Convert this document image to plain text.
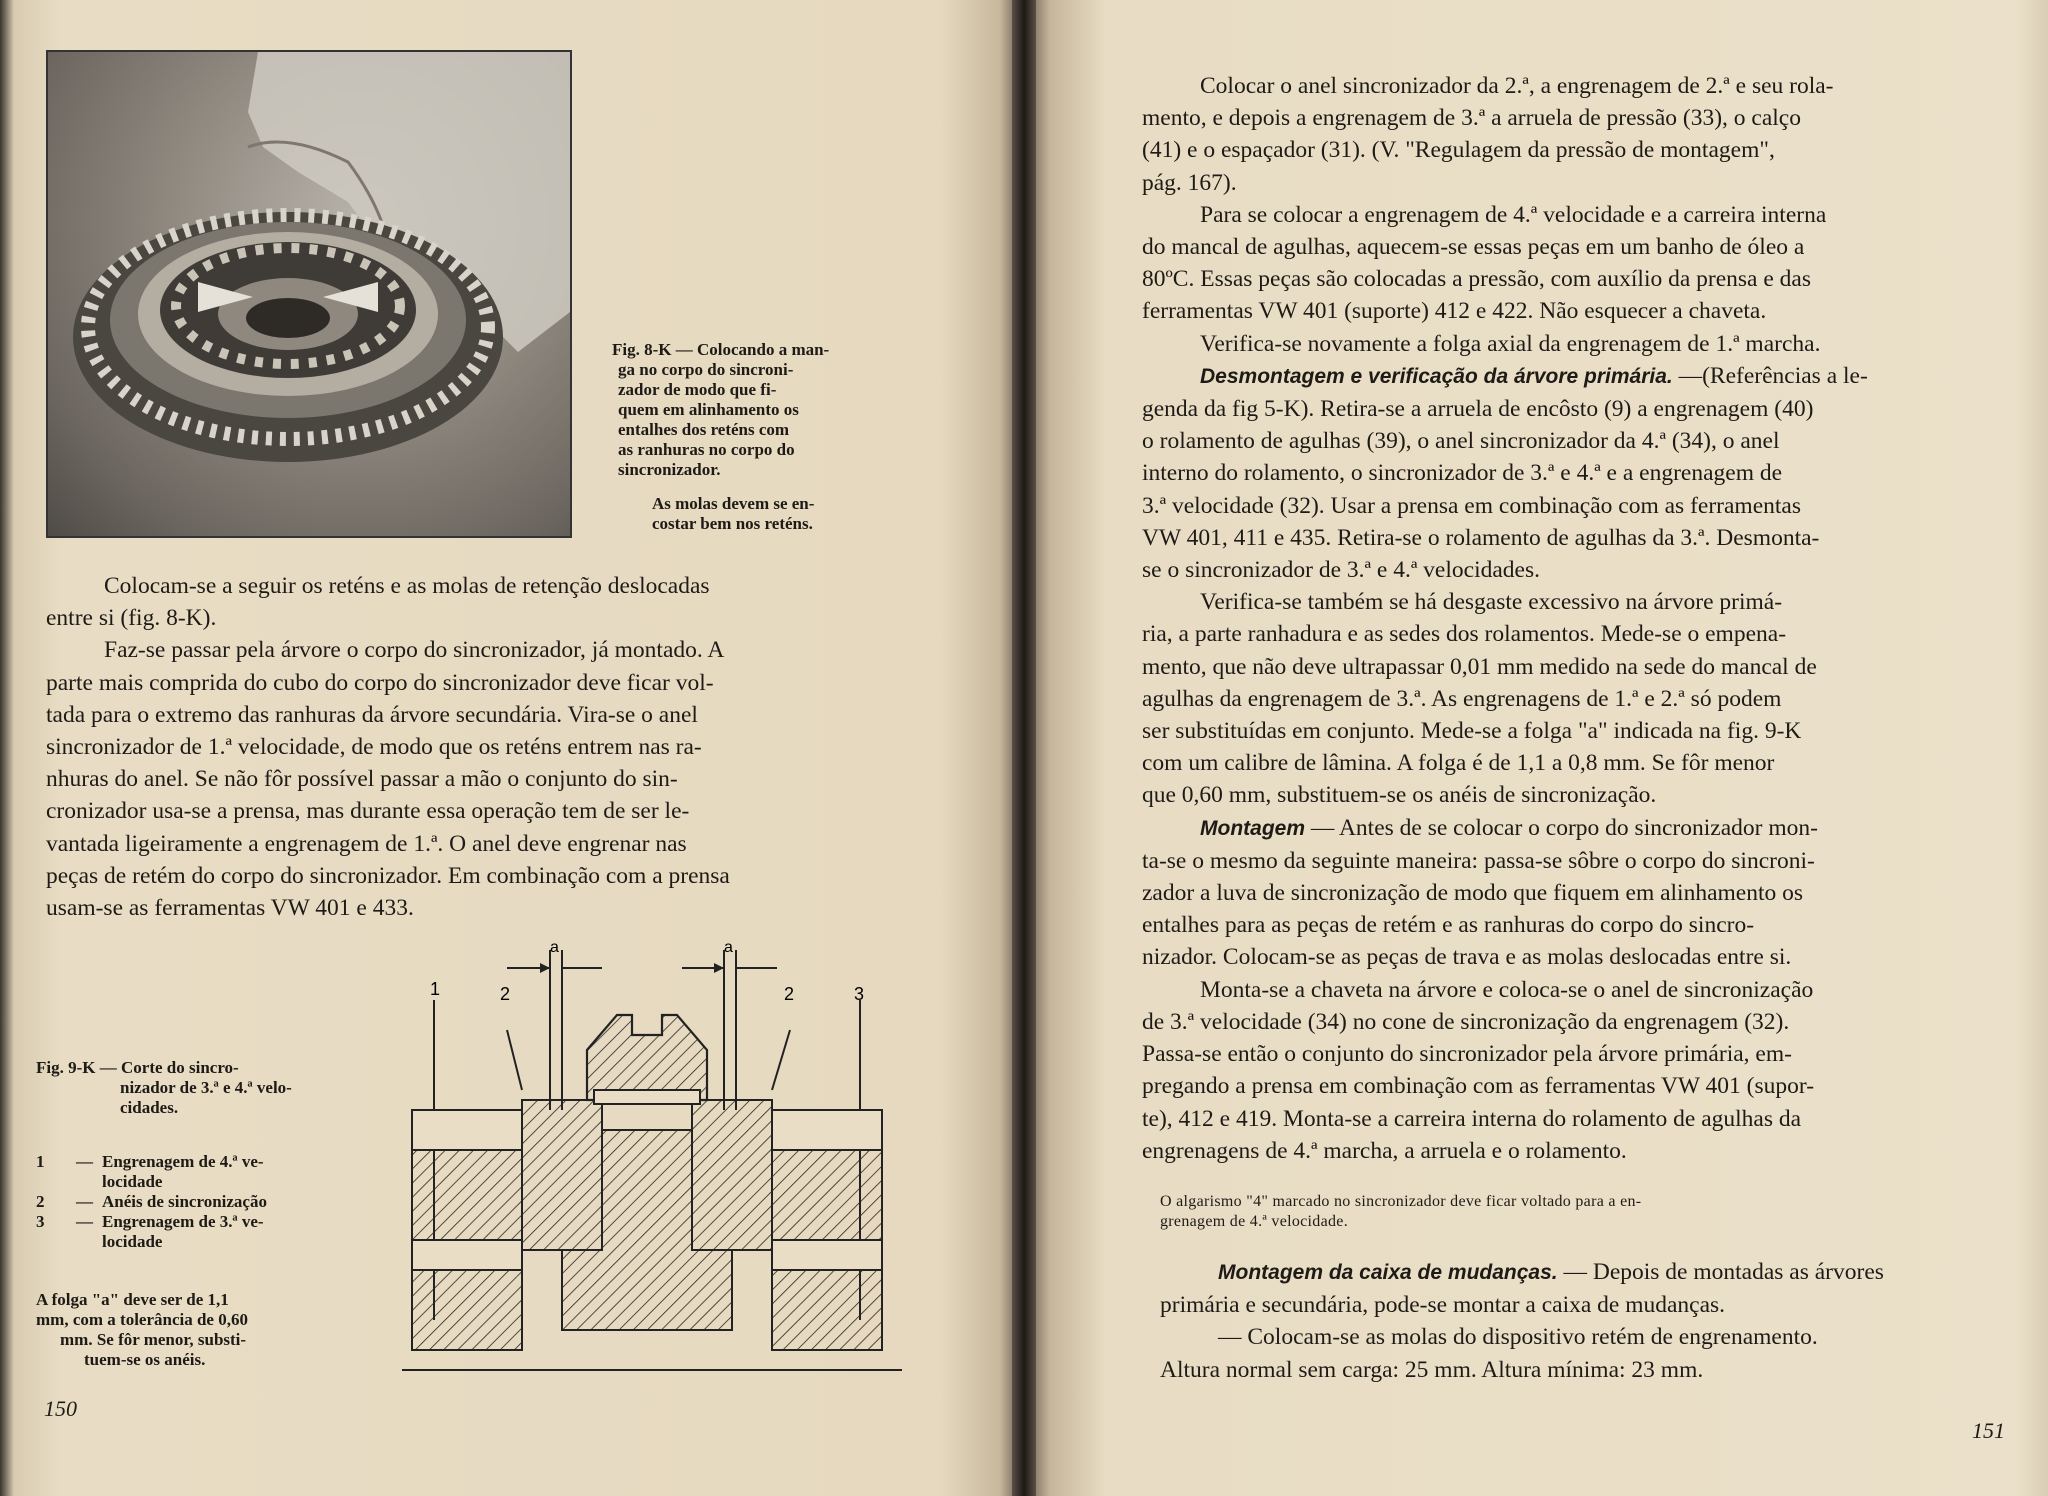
Fig. 8-K — Colocando a man-

ga no corpo do sincroni-

zador de modo que fi-

quem em alinhamento os

entalhes dos reténs com

as ranhuras no corpo do

sincronizador.

As molas devem se en-

costar bem nos reténs.

Colocam-se a seguir os reténs e as molas de retenção deslocadas

entre si (fig. 8-K).

Faz-se passar pela árvore o corpo do sincronizador, já montado. A

parte mais comprida do cubo do corpo do sincronizador deve ficar vol-

tada para o extremo das ranhuras da árvore secundária. Vira-se o anel

sincronizador de 1.ª velocidade, de modo que os reténs entrem nas ra-

nhuras do anel. Se não fôr possível passar a mão o conjunto do sin-

cronizador usa-se a prensa, mas durante essa operação tem de ser le-

vantada ligeiramente a engrenagem de 1.ª. O anel deve engrenar nas

peças de retém do corpo do sincronizador. Em combinação com a prensa

usam-se as ferramentas VW 401 e 433.

Fig. 9-K — Corte do sincro-

nizador de 3.ª e 4.ª velo-

cidades.

1	— Engrenagem de 4.ª ve-

locidade

2	— Anéis de sincronização

3	— Engrenagem de 3.ª ve-

locidade

A folga "a" deve ser de 1,1

mm, com a tolerância de 0,60

mm. Se fôr menor, substi-

tuem-se os anéis.

1	2	2	3
a	a
150

Colocar o anel sincronizador da 2.ª, a engrenagem de 2.ª e seu rola-

mento, e depois a engrenagem de 3.ª a arruela de pressão (33), o calço

(41) e o espaçador (31). (V. "Regulagem da pressão de montagem",

pág. 167).

Para se colocar a engrenagem de 4.ª velocidade e a carreira interna

do mancal de agulhas, aquecem-se essas peças em um banho de óleo a

80ºC. Essas peças são colocadas a pressão, com auxílio da prensa e das

ferramentas VW 401 (suporte) 412 e 422. Não esquecer a chaveta.

Verifica-se novamente a folga axial da engrenagem de 1.ª marcha.

Desmontagem e verificação da árvore primária. —(Referências a le-

genda da fig 5-K). Retira-se a arruela de encôsto (9) a engrenagem (40)

o rolamento de agulhas (39), o anel sincronizador da 4.ª (34), o anel

interno do rolamento, o sincronizador de 3.ª e 4.ª e a engrenagem de

3.ª velocidade (32). Usar a prensa em combinação com as ferramentas

VW 401, 411 e 435. Retira-se o rolamento de agulhas da 3.ª. Desmonta-

se o sincronizador de 3.ª e 4.ª velocidades.

Verifica-se também se há desgaste excessivo na árvore primá-

ria, a parte ranhadura e as sedes dos rolamentos. Mede-se o empena-

mento, que não deve ultrapassar 0,01 mm medido na sede do mancal de

agulhas da engrenagem de 3.ª. As engrenagens de 1.ª e 2.ª só podem

ser substituídas em conjunto. Mede-se a folga "a" indicada na fig. 9-K

com um calibre de lâmina. A folga é de 1,1 a 0,8 mm. Se fôr menor

que 0,60 mm, substituem-se os anéis de sincronização.

Montagem — Antes de se colocar o corpo do sincronizador mon-

ta-se o mesmo da seguinte maneira: passa-se sôbre o corpo do sincroni-

zador a luva de sincronização de modo que fiquem em alinhamento os

entalhes para as peças de retém e as ranhuras do corpo do sincro-

nizador. Colocam-se as peças de trava e as molas deslocadas entre si.

Monta-se a chaveta na árvore e coloca-se o anel de sincronização

de 3.ª velocidade (34) no cone de sincronização da engrenagem (32).

Passa-se então o conjunto do sincronizador pela árvore primária, em-

pregando a prensa em combinação com as ferramentas VW 401 (supor-

te), 412 e 419. Monta-se a carreira interna do rolamento de agulhas da

engrenagens de 4.ª marcha, a arruela e o rolamento.

O algarismo "4" marcado no sincronizador deve ficar voltado para a en-

grenagem de 4.ª velocidade.

Montagem da caixa de mudanças. — Depois de montadas as árvores

primária e secundária, pode-se montar a caixa de mudanças.

— Colocam-se as molas do dispositivo retém de engrenamento.

Altura normal sem carga: 25 mm. Altura mínima: 23 mm.

151
